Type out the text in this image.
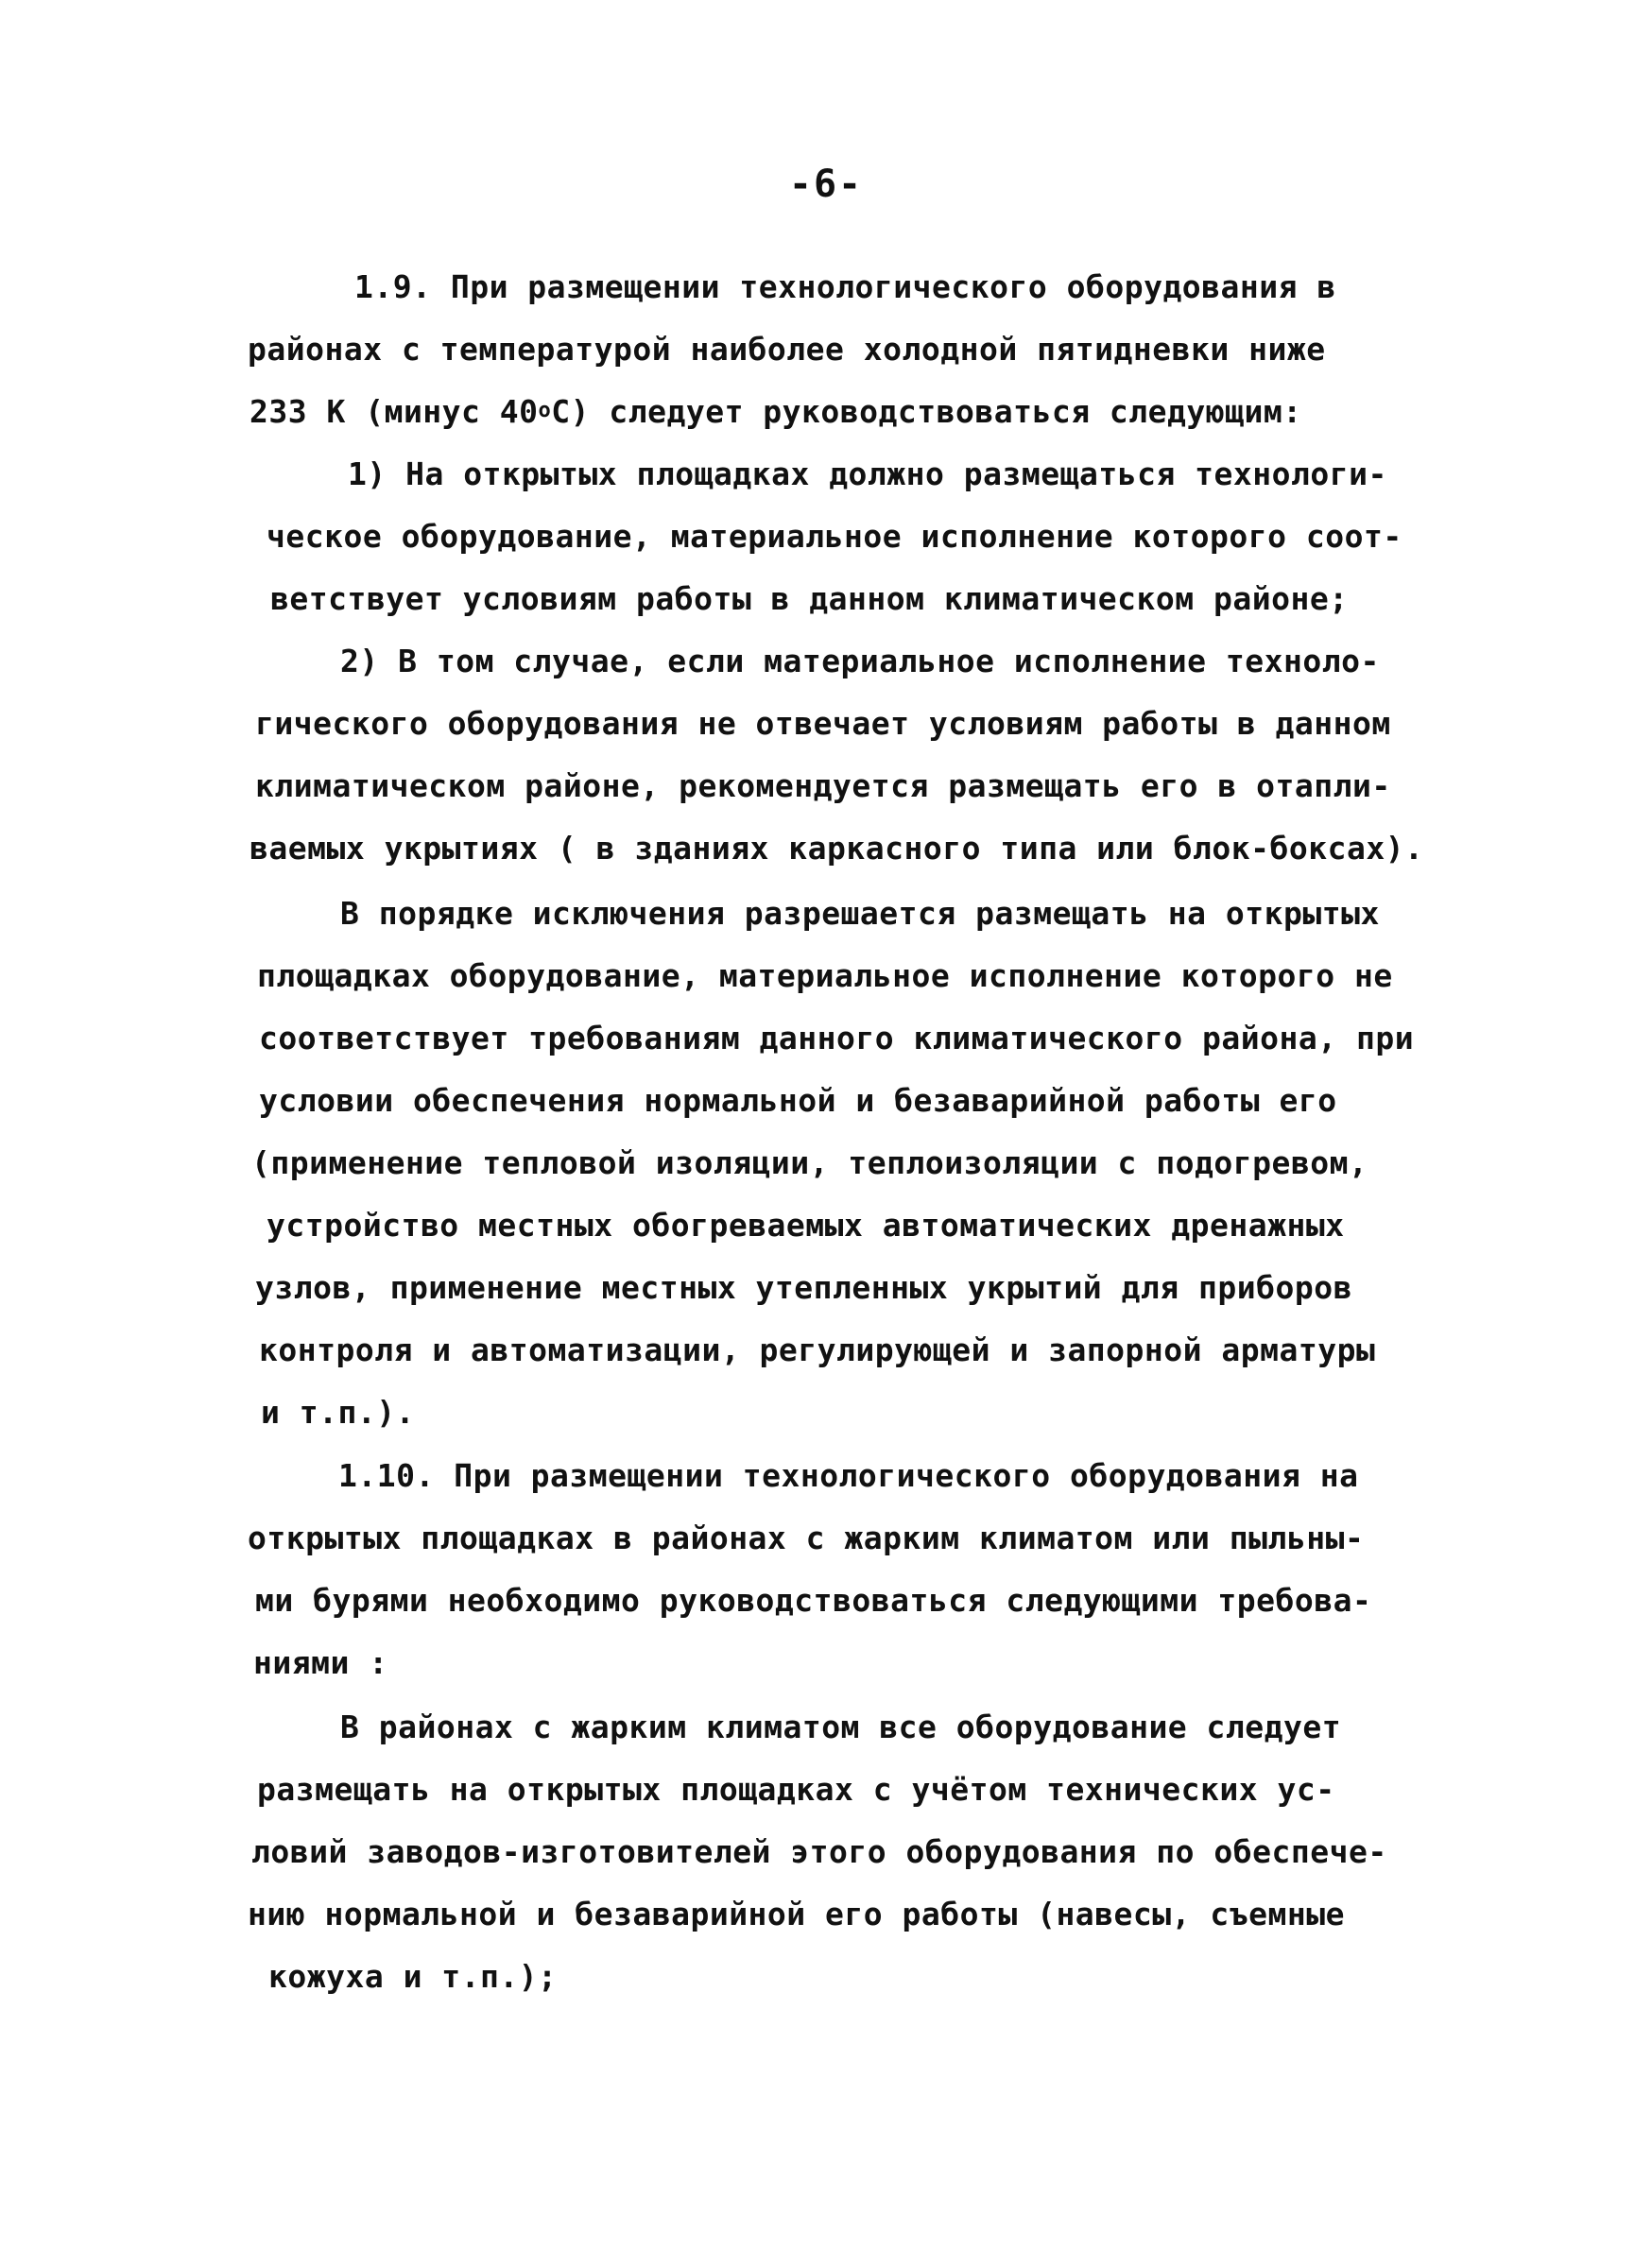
-6-
1.9. При размещении технологического оборудования в
районах с температурой наиболее холодной пятидневки ниже
233 К (минус 40$^o$C) следует руководствоваться следующим:
1) На открытых площадках должно размещаться технологи-
ческое оборудование, материальное исполнение которого соот-
ветствует условиям работы в данном климатическом районе;
2) В том случае, если материальное исполнение техноло-
гического оборудования не отвечает условиям работы в данном
климатическом районе, рекомендуется размещать его в отапли-
ваемых укрытиях ( в зданиях каркасного типа или блок-боксах).
В порядке исключения разрешается размещать на открытых
площадках оборудование, материальное исполнение которого не
соответствует требованиям данного климатического района, при
условии обеспечения нормальной и безаварийной работы его
(применение тепловой изоляции, теплоизоляции с подогревом,
устройство местных обогреваемых автоматических дренажных
узлов, применение местных утепленных укрытий для приборов
контроля и автоматизации, регулирующей и запорной арматуры
и т.п.).
1.10. При размещении технологического оборудования на
открытых площадках в районах с жарким климатом или пыльны-
ми бурями необходимо руководствоваться следующими требова-
ниями :
В районах с жарким климатом все оборудование следует
размещать на открытых площадках с учётом технических ус-
ловий заводов-изготовителей этого оборудования по обеспече-
нию нормальной и безаварийной его работы (навесы, съемные
кожуха и т.п.);
